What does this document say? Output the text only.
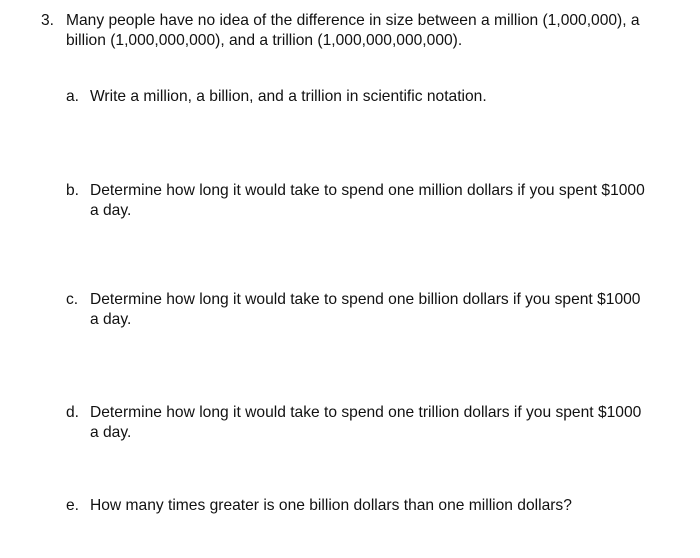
3. Many people have no idea of the difference in size between a million (1,000,000), a billion (1,000,000,000), and a trillion (1,000,000,000,000).
a. Write a million, a billion, and a trillion in scientific notation.
b. Determine how long it would take to spend one million dollars if you spent $1000 a day.
c. Determine how long it would take to spend one billion dollars if you spent $1000 a day.
d. Determine how long it would take to spend one trillion dollars if you spent $1000 a day.
e. How many times greater is one billion dollars than one million dollars?
